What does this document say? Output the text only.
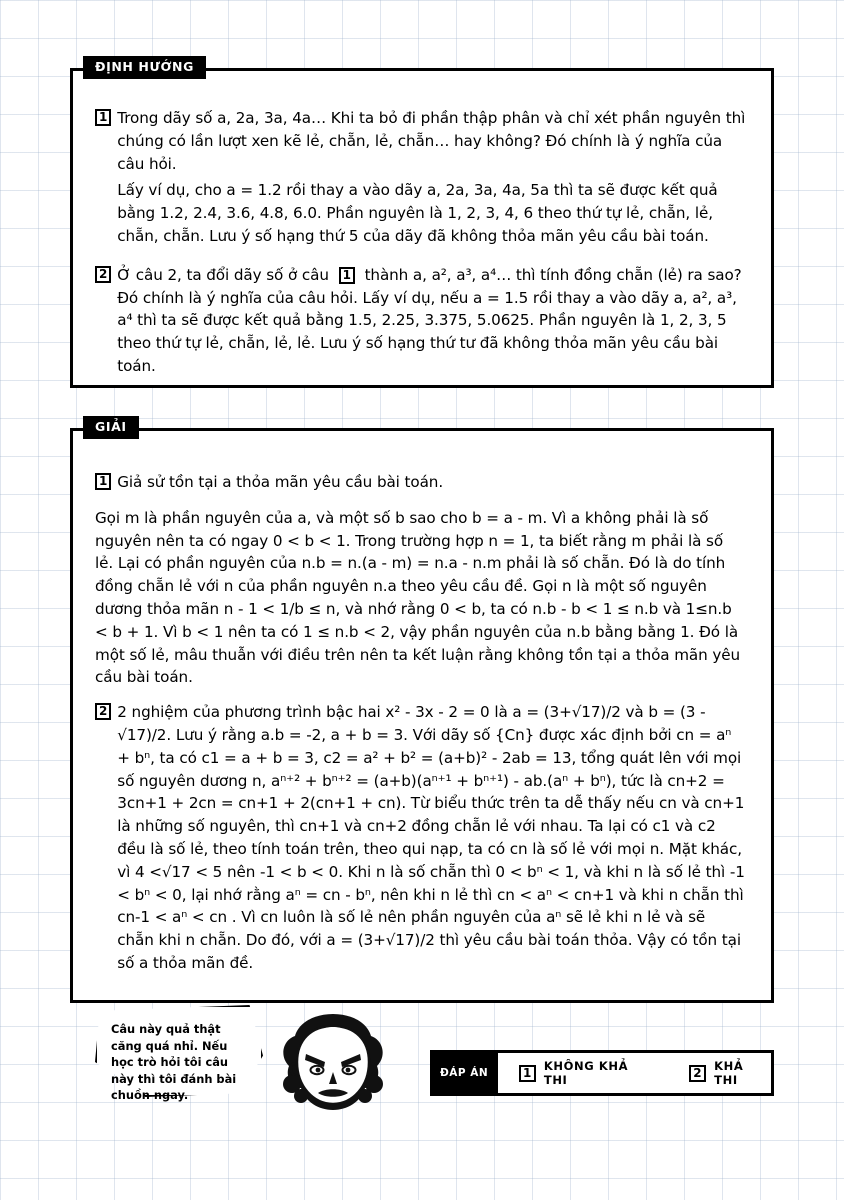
ĐỊNH HƯỚNG
1 Trong dãy số a, 2a, 3a, 4a… Khi ta bỏ đi phần thập phân và chỉ xét phần nguyên thì chúng có lần lượt xen kẽ lẻ, chẵn, lẻ, chẵn… hay không? Đó chính là ý nghĩa của câu hỏi.

Lấy ví dụ, cho a = 1.2 rồi thay a vào dãy a, 2a, 3a, 4a, 5a thì ta sẽ được kết quả bằng 1.2, 2.4, 3.6, 4.8, 6.0. Phần nguyên là 1, 2, 3, 4, 6 theo thứ tự lẻ, chẵn, lẻ, chẵn, chẵn. Lưu ý số hạng thứ 5 của dãy đã không thỏa mãn yêu cầu bài toán.

2 Ở câu 2, ta đổi dãy số ở câu 1 thành a, a², a³, a⁴… thì tính đồng chẵn (lẻ) ra sao? Đó chính là ý nghĩa của câu hỏi. Lấy ví dụ, nếu a = 1.5 rồi thay a vào dãy a, a², a³, a⁴ thì ta sẽ được kết quả bằng 1.5, 2.25, 3.375, 5.0625. Phần nguyên là 1, 2, 3, 5 theo thứ tự lẻ, chẵn, lẻ, lẻ. Lưu ý số hạng thứ tư đã không thỏa mãn yêu cầu bài toán.

GIẢI
1 Giả sử tồn tại a thỏa mãn yêu cầu bài toán.

Gọi m là phần nguyên của a, và một số b sao cho b = a - m. Vì a không phải là số nguyên nên ta có ngay 0 < b < 1. Trong trường hợp n = 1, ta biết rằng m phải là số lẻ. Lại có phần nguyên của n.b = n.(a - m) = n.a - n.m phải là số chẵn. Đó là do tính đồng chẵn lẻ với n của phần nguyên n.a theo yêu cầu đề. Gọi n là một số nguyên dương thỏa mãn n - 1 < 1/b ≤ n, và nhớ rằng 0 < b, ta có n.b - b < 1 ≤ n.b và 1≤n.b < b + 1. Vì b < 1 nên ta có 1 ≤ n.b < 2, vậy phần nguyên của n.b bằng bằng 1. Đó là một số lẻ, mâu thuẫn với điều trên nên ta kết luận rằng không tồn tại a thỏa mãn yêu cầu bài toán.

2 2 nghiệm của phương trình bậc hai x² - 3x - 2 = 0 là a = (3+√17)/2 và b = (3 - √17)/2. Lưu ý rằng a.b = -2, a + b = 3. Với dãy số {Cn} được xác định bởi cn = aⁿ + bⁿ, ta có c1 = a + b = 3, c2 = a² + b² = (a+b)² - 2ab = 13, tổng quát lên với mọi số nguyên dương n, aⁿ⁺² + bⁿ⁺² = (a+b)(aⁿ⁺¹ + bⁿ⁺¹) - ab.(aⁿ + bⁿ), tức là cn+2 = 3cn+1 + 2cn = cn+1 + 2(cn+1 + cn). Từ biểu thức trên ta dễ thấy nếu cn và cn+1 là những số nguyên, thì cn+1 và cn+2 đồng chẵn lẻ với nhau. Ta lại có c1 và c2 đều là số lẻ, theo tính toán trên, theo qui nạp, ta có cn là số lẻ với mọi n. Mặt khác, vì 4 <√17 < 5 nên -1 < b < 0. Khi n là số chẵn thì 0 < bⁿ < 1, và khi n là số lẻ thì -1 < bⁿ < 0, lại nhớ rằng aⁿ = cn - bⁿ, nên khi n lẻ thì cn < aⁿ < cn+1 và khi n chẵn thì cn-1 < aⁿ < cn . Vì cn luôn là số lẻ nên phần nguyên của aⁿ sẽ lẻ khi n lẻ và sẽ chẵn khi n chẵn. Do đó, với a = (3+√17)/2 thì yêu cầu bài toán thỏa. Vậy có tồn tại số a thỏa mãn đề.

Câu này quả thật căng quá nhỉ. Nếu học trò hỏi tôi câu này thì tôi đánh bài chuồn ngay.
ĐÁP ÁN	1	KHÔNG KHẢ THI
2	KHẢ THI
